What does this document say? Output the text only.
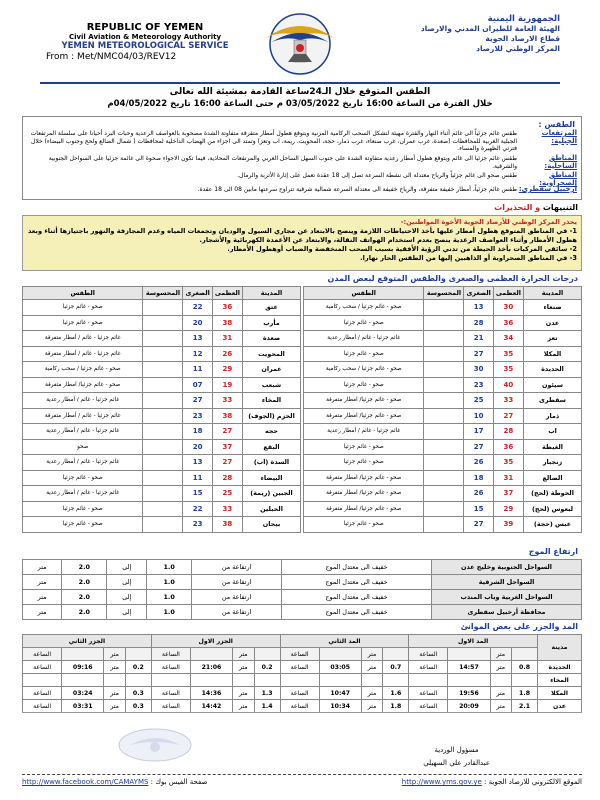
REPUBLIC OF YEMEN
Civil Aviation & Meteorology Authority
YEMEN METEOROLOGICAL SERVICE
From : Met/NMC04/03/REV12
الجمهورية اليمنية
الهيئة العامة للطيران المدني والارصاد
قطاع الارصاد الجوية
المركز الوطني للارصاد
الطقس المتوقع خلال الـ24ساعة القادمة بمشيئة الله تعالى
خلال الفترة من الساعة 16:00 تاريخ 03/05/2022 م حتى الساعة 16:00 تاريخ 04/05/2022م
الطقس :
المرتفعات الجبلية:
طقس غائم جزئياً الى غائم أثناء النهار والفترة مهيئة لتشكل السحب الركامية المزنية ويتوقع هطول أمطار متفرقة متفاوتة الشدة مصحوبة بالعواصف الرعدية وحبات البرد أحيانا على سلسلة المرتفعات الجبلية الغربية للمحافظات (صعدة، غرب عمران، غرب صنعاء، غرب ذمار، حجة، المحويت، ريمة، اب وتعز) وتمتد الى اجزاء من الهضاب الداخلية لمحافظات ( شمال الضالع ولحج وجنوب البيضاء) خلال فترتي الظهيرة والمساء.
المناطق الساحلية:
طقس غائم جزئيا الى غائم ويتوقع هطول أمطار رعدية متفاوتة الشدة على جنوب السهل الساحل الغربي والمرتفعات المحاذية، فيما تكون الاجواء صحوة الى غائمة جزئيا على السواحل الجنوبية والشرقية.
المناطق الصحراوية:
طقس صحو الى غائم جزئياً والرياح معتدلة الى نشطة السرعة تصل إلى 18 عقدة تعمل على إثارة الأتربة والرمال.
أرخبيل سقطرى:
طقس غائم جزئياً، أمطار خفيفة متفرقة، والرياح خفيفة الى معتدلة السرعة شمالية شرقية تتراوح سرعتها مابين 08 الى 18 عقدة.
التنبيهات و التحذيرات
يحذر المركز الوطني للأرصاد الجوية الأخوة المواطنين:-
1- في المناطق المتوقع هطول أمطار عليها بأخذ الاحتياطات اللازمة وينصح بالابتعاد عن مجاري السيول والوديان وتجمعات المياه وعدم المجازفة والنهور باجتيازها أثناء وبعد هطول الأمطار وأثناء العواصف الرعدية ينصح بعدم استخدام الهواتف النقالة، والابتعاد عن الأعمدة الكهربائية والأشجار.
2- سائقي المركبات بأخذ الحيطة من تدني الرؤية الأفقية بسبب السحب المنخفضة والضباب أوهطول الأمطار.
3- في المناطق الصحراوية أو الذاهبين إليها من الطقس الحار نهارا.
درجات الحرارة العظمى والصغرى والطقس المتوقع لبعض المدن
المدينة	العظمى	الصغرى	المحسوسة	الطقس
صنعاء	30	13		صحو - غائم جزئيا / سحب ركامية
عدن	36	28		صحو - غائم جزئيا
تعز	34	21		غائم جزئيا - غائم / أمطار رعدية
المكلا	35	27		صحو - غائم جزئيا
الحديدة	35	30		صحو - غائم جزئيا / سحب ركامية
سيئون	40	23		صحو - غائم جزئيا
سقطرى	33	25		صحو - غائم جزئيا/ امطار متفرقة
ذمار	27	10		صحو - غائم جزئيا/ امطار متفرقة
اب	28	17		غائم جزئيا - غائم / أمطار رعدية
الغيظة	36	27		صحو - غائم جزئيا
زنجبار	35	26		صحو - غائم جزئيا
الضالع	31	18		صحو - غائم جزئيا/ امطار متفرقة
الحوطة (لحج)	37	26		صحو - غائم جزئيا/ امطار متفرقة
لبعوس (لحج)	29	15		صحو - غائم جزئيا/ امطار متفرقة
عبس (حجة)	39	27		صحو - غائم جزئيا
المدينة	العظمى	الصغرى	المحسوسة	الطقس
عتق	36	22		صحو - غائم جزئيا
مأرب	38	20		صحو - غائم جزئيا
صعدة	31	13		غائم جزئيا - غائم / أمطار متفرقة
المحويت	26	12		غائم جزئيا - غائم / أمطار متفرقة
عمران	29	11		صحو - غائم جزئيا / سحب ركامية
شبعب	19	07		صحو - غائم جزئيا/ امطار متفرقة
المخاء	33	27		غائم جزئيا - غائم / أمطار رعدية
الحزم (الجوف)	38	23		غائم جزئيا - غائم / أمطار متفرقة
حجه	27	18		غائم جزئيا - غائم / أمطار رعدية
البقع	37	20		صحو
السدة (اب)	27	13		غائم جزئيا - غائم / أمطار رعدية
البيضاء	28	11		صحو - غائم جزئيا
الجبين (ريمة)	25	15		غائم جزئيا - غائم / أمطار رعدية
الحبلين	33	22		صحو - غائم جزئيا
بيحان	38	23		صحو - غائم جزئيا
ارتفاع الموج
السواحل الجنوبية وخليج عدن	خفيف الى معتدل الموج	ارتفاعة من	1.0	إلى	2.0	متر
السواحل الشرقية	خفيف الى معتدل الموج	ارتفاعة من	1.0	إلى	2.0	متر
السواحل الغربية وباب المندب	خفيف الى معتدل الموج	ارتفاعة من	1.0	إلى	2.0	متر
محافظة أرخبيل سقطرى	خفيف الى معتدل الموج	ارتفاعة من	1.0	إلى	2.0	متر
المد والجزر على بعض الموانئ
مدينة	المد الاول				المد الثاني				الجزر الاول				الجزر الثاني			
		متر		الساعة		متر		الساعة		متر		الساعة		متر		الساعة
الحديدة	0.8	متر	14:57	الساعة	0.7	متر	03:05	الساعة	0.2	متر	21:06	الساعة	0.2	متر	09:16	الساعة
المخاء																
المكلا	1.8	متر	19:56	الساعة	1.6	متر	10:47	الساعة	1.3	متر	14:36	الساعة	0.3	متر	03:24	الساعة
عدن	2.1	متر	20:09	الساعة	1.8	متر	10:34	الساعة	1.4	متر	14:42	الساعة	0.3	متر	03:31	الساعة
مسؤول الوردية
عبدالقادر علي السهيلي
الموقع الالكتروني للارصاد الجوية : http://www.yms.gov.ye
صفحة الفيس بوك : http://www.facebook.com/CAMAYMS
